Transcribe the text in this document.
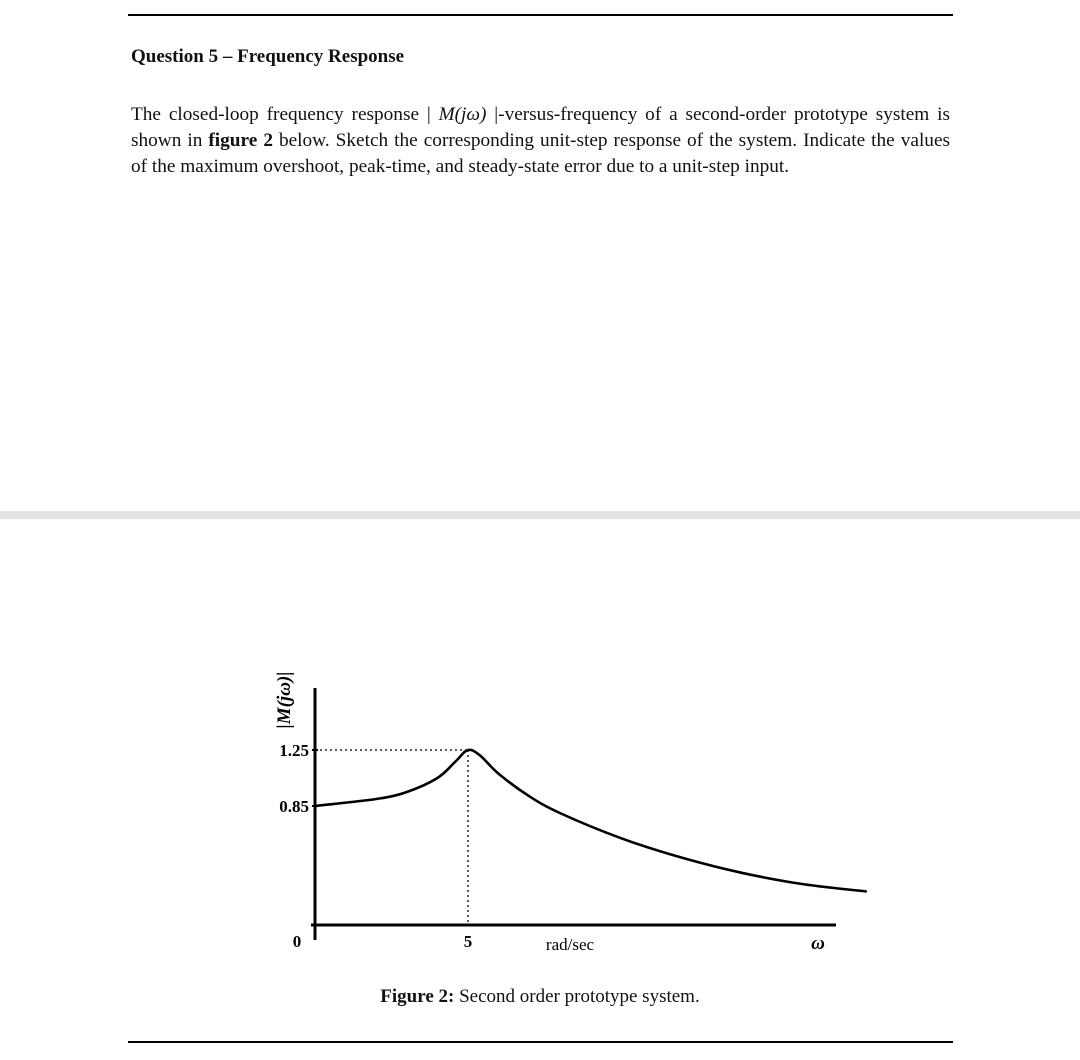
Question 5 – Frequency Response

The closed-loop frequency response | M(jω) |-versus-frequency of a second-order prototype system is shown in figure 2 below. Sketch the corresponding unit-step response of the system. Indicate the values of the maximum overshoot, peak-time, and steady-state error due to a unit-step input.

|M(jω)|
0.85
1.25
0	5	rad/sec	ω

Figure 2: Second order prototype system.
